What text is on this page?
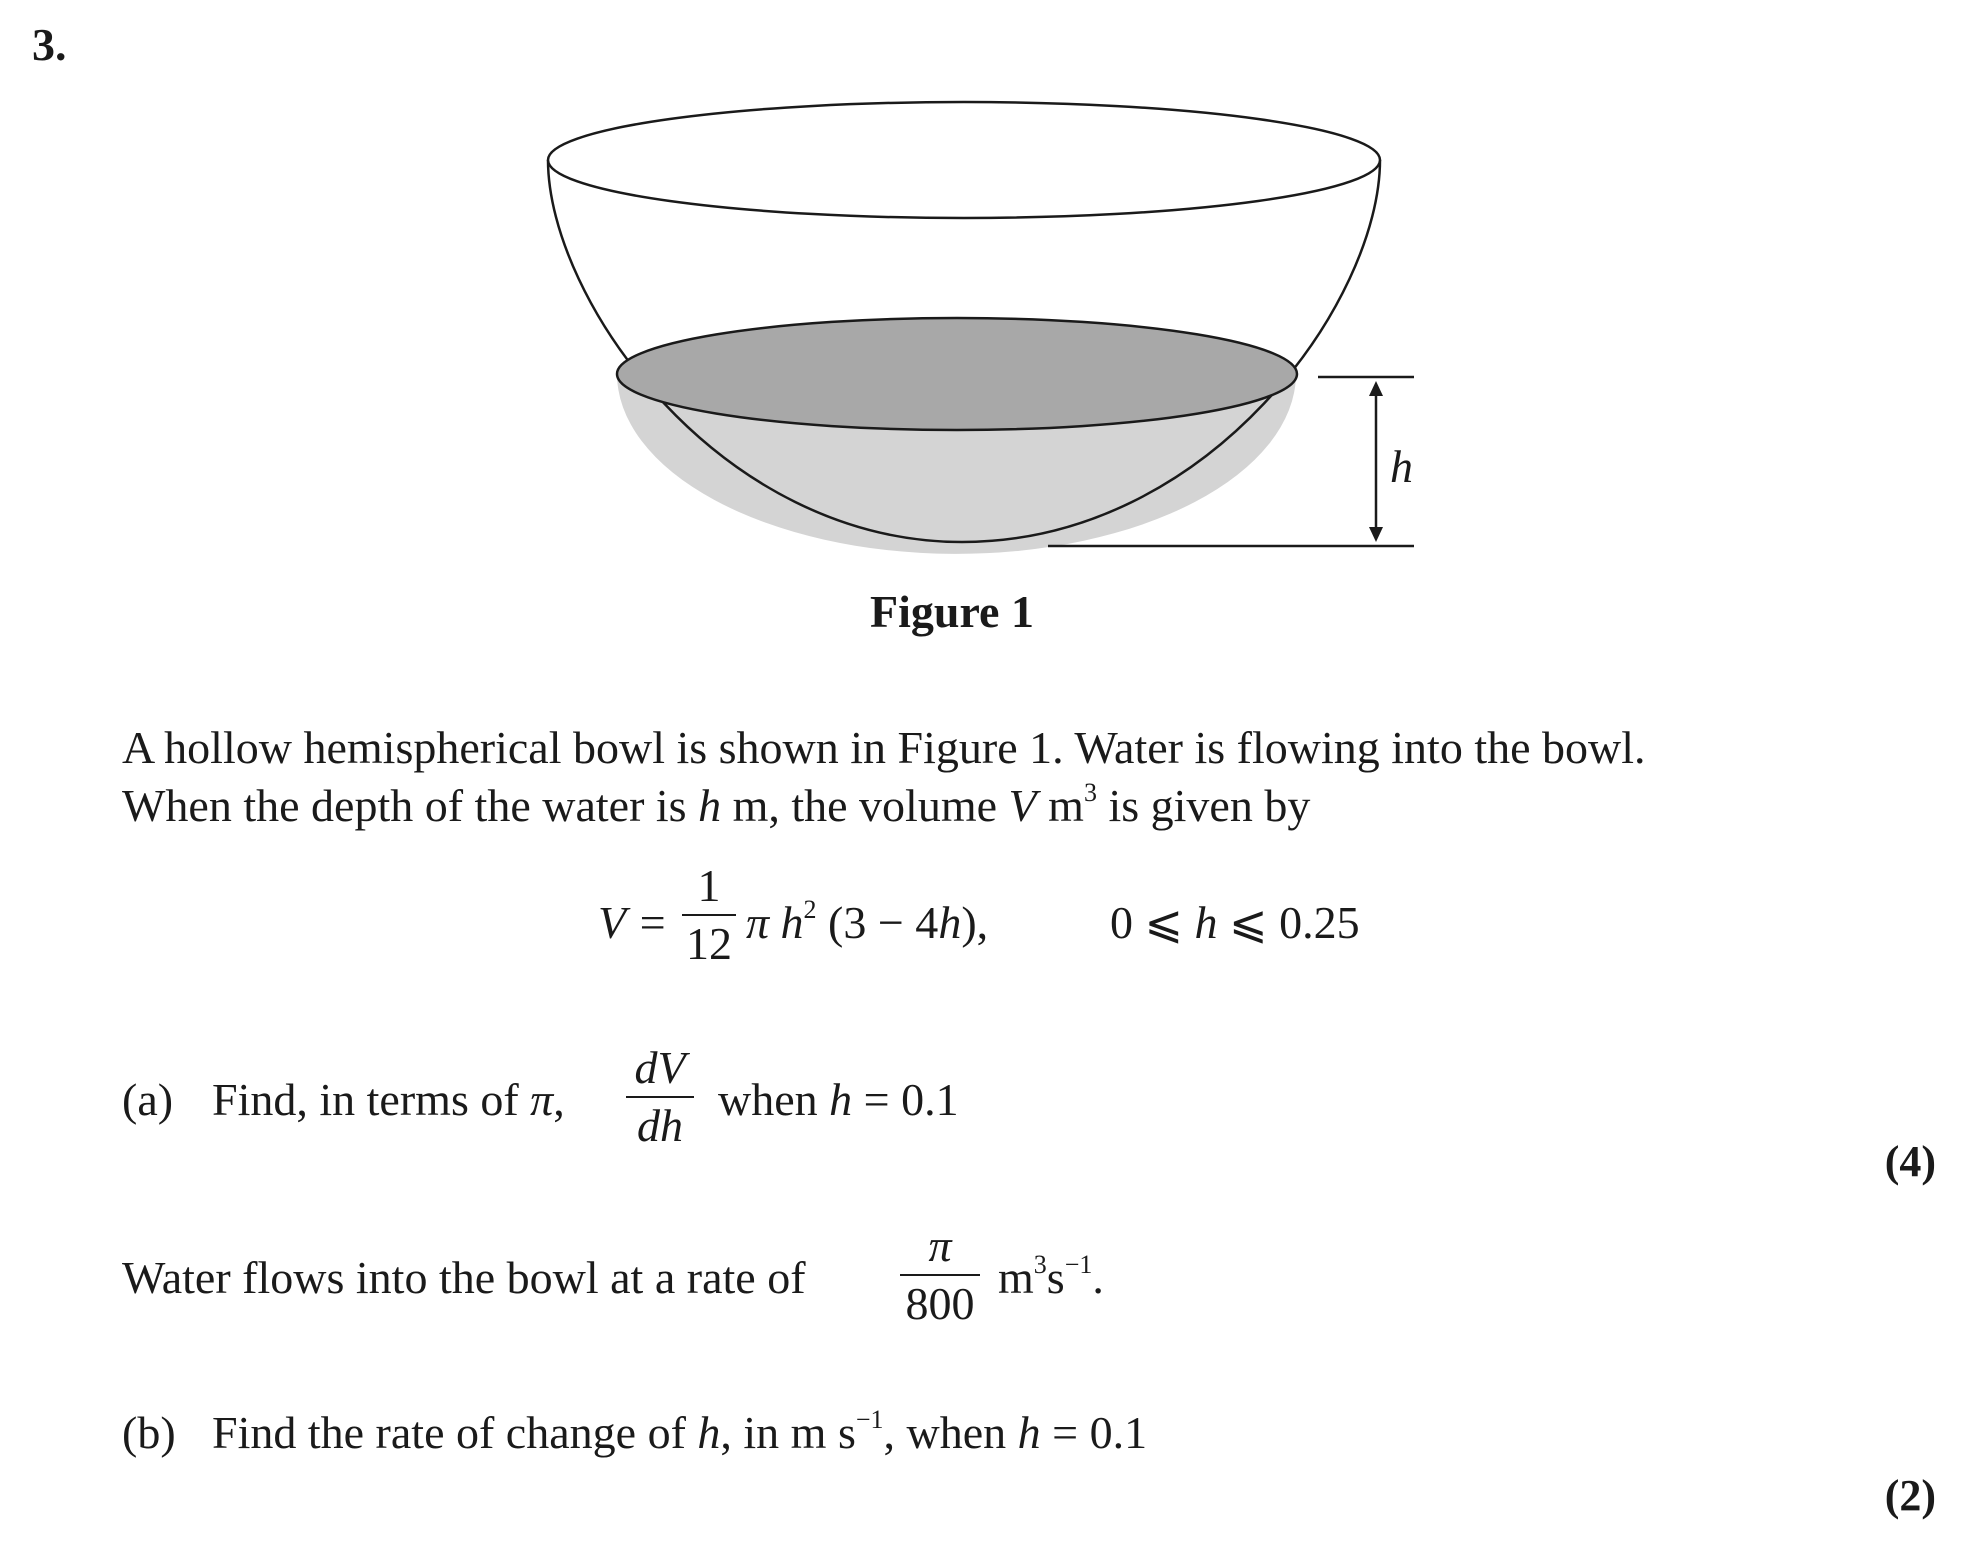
3.
h
Figure 1
A hollow hemispherical bowl is shown in Figure 1. Water is flowing into the bowl.
When the depth of the water is h m, the volume V $m^3$ is given by
V =
1
12 π $h^2$ (3 − 4h),	0 ⩽ h ⩽ 0.25
(a) Find, in terms of π,
dV
dh
when h = 0.1
(4)
Water flows into the bowl at a rate of
π
800
$m^3s^{-1}$.
(b) Find the rate of change of h, in m $s^{-1}$, when h = 0.1
(2)
